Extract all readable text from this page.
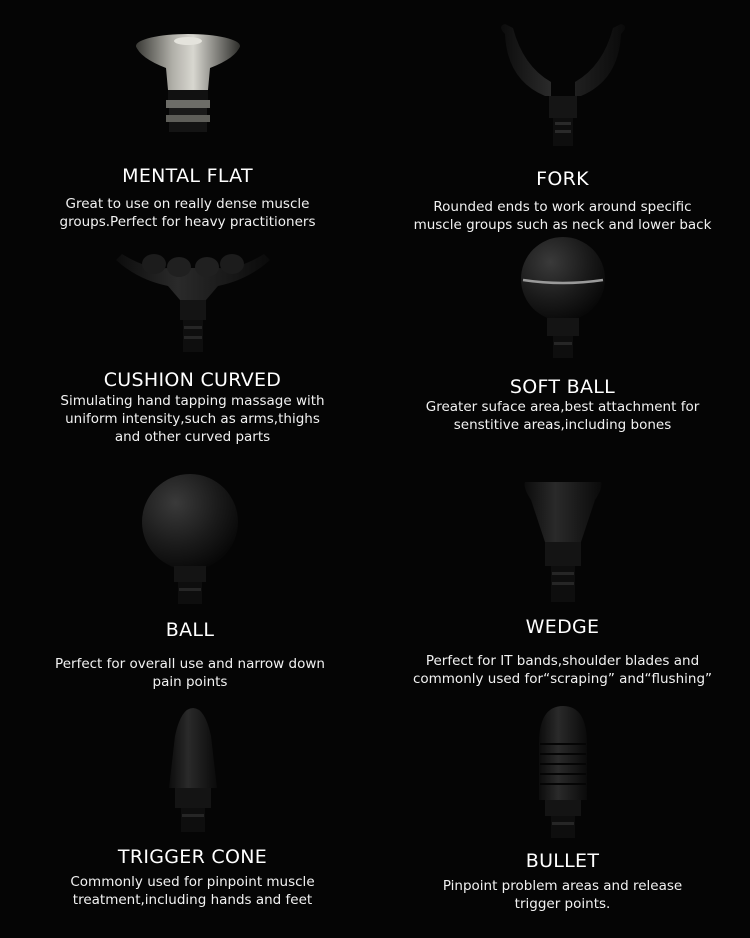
MENTAL FLAT
Great to use on really dense muscle
groups.Perfect for heavy practitioners
FORK
Rounded ends to work around specific
muscle groups such as neck and lower back
CUSHION CURVED
Simulating hand tapping massage with
uniform intensity,such as arms,thighs
and other curved parts
SOFT BALL
Greater suface area,best attachment for
senstitive areas,including bones
BALL
Perfect for overall use and narrow down
pain points
WEDGE
Perfect for IT bands,shoulder blades and
commonly used for“scraping” and“flushing”
TRIGGER CONE
Commonly used for pinpoint muscle
treatment,including hands and feet
BULLET
Pinpoint problem areas and release
trigger points.
